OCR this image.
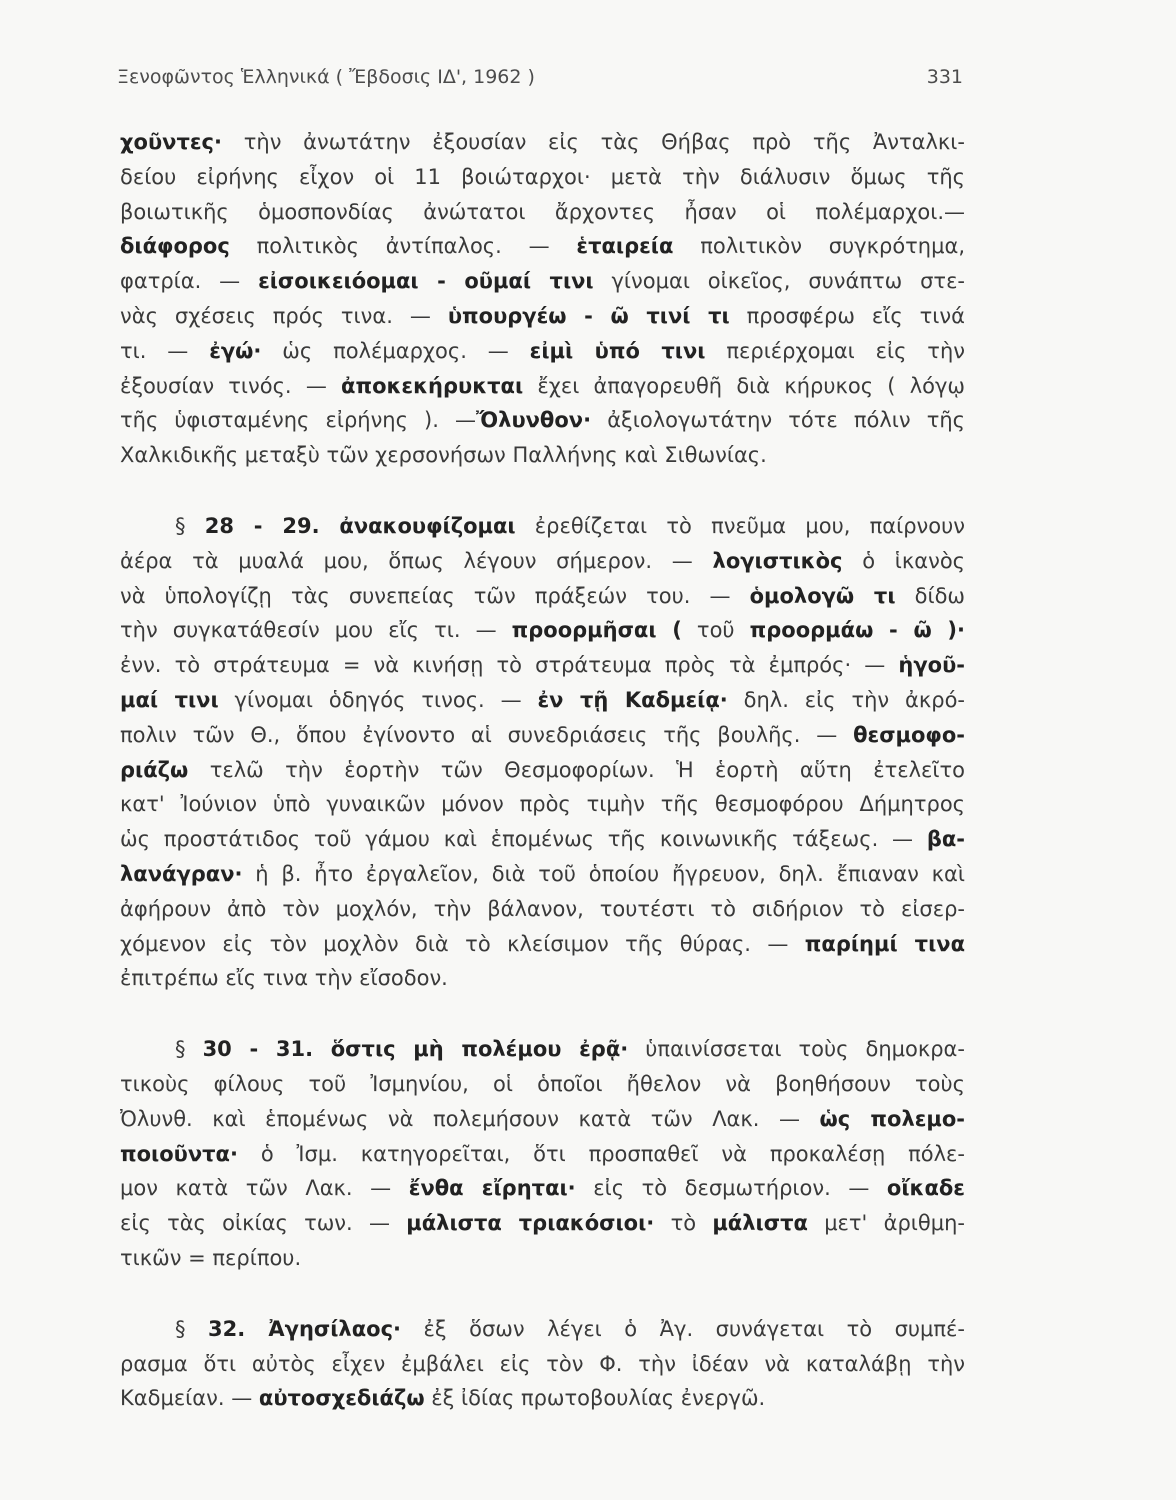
Ξενοφῶντος Ἑλληνικά ( Ἔβδοσις ΙΔ', 1962 )	331
χοῦντες· τὴν ἀνωτάτην ἐξουσίαν εἰς τὰς Θήβας πρὸ τῆς Ἀνταλκι-
δείου εἰρήνης εἶχον οἱ 11 βοιώταρχοι· μετὰ τὴν διάλυσιν ὅμως τῆς
βοιωτικῆς ὁμοσπονδίας ἀνώτατοι ἄρχοντες ἦσαν οἱ πολέμαρχοι.—
διάφορος πολιτικὸς ἀντίπαλος. — ἑταιρεία πολιτικὸν συγκρότημα,
φατρία. — εἰσοικειόομαι - οῦμαί τινι γίνομαι οἰκεῖος, συνάπτω στε-
νὰς σχέσεις πρός τινα. — ὑπουργέω - ῶ τινί τι προσφέρω εἴς τινά
τι. — ἐγώ· ὡς πολέμαρχος. — εἰμὶ ὑπό τινι περιέρχομαι εἰς τὴν
ἐξουσίαν τινός. — ἀποκεκήρυκται ἔχει ἀπαγορευθῆ διὰ κήρυκος ( λόγῳ
τῆς ὑφισταμένης εἰρήνης ). —Ὄλυνθον· ἀξιολογωτάτην τότε πόλιν τῆς
Χαλκιδικῆς μεταξὺ τῶν χερσονήσων Παλλήνης καὶ Σιθωνίας.
§ 28 - 29. ἀνακουφίζομαι ἐρεθίζεται τὸ πνεῦμα μου, παίρνουν
ἀέρα τὰ μυαλά μου, ὅπως λέγουν σήμερον. — λογιστικὸς ὁ ἱκανὸς
νὰ ὑπολογίζῃ τὰς συνεπείας τῶν πράξεών του. — ὁμολογῶ τι δίδω
τὴν συγκατάθεσίν μου εἴς τι. — προορμῆσαι ( τοῦ προορμάω - ῶ )·
ἐνν. τὸ στράτευμα = νὰ κινήσῃ τὸ στράτευμα πρὸς τὰ ἐμπρός· — ἡγοῦ-
μαί τινι γίνομαι ὁδηγός τινος. — ἐν τῇ Καδμείᾳ· δηλ. εἰς τὴν ἀκρό-
πολιν τῶν Θ., ὅπου ἐγίνοντο αἱ συνεδριάσεις τῆς βουλῆς. — θεσμοφο-
ριάζω τελῶ τὴν ἑορτὴν τῶν Θεσμοφορίων. Ἡ ἑορτὴ αὕτη ἐτελεῖτο
κατ' Ἰούνιον ὑπὸ γυναικῶν μόνον πρὸς τιμὴν τῆς θεσμοφόρου Δήμητρος
ὡς προστάτιδος τοῦ γάμου καὶ ἑπομένως τῆς κοινωνικῆς τάξεως. — βα-
λανάγραν· ἡ β. ἦτο ἐργαλεῖον, διὰ τοῦ ὁποίου ἤγρευον, δηλ. ἔπιαναν καὶ
ἀφήρουν ἀπὸ τὸν μοχλόν, τὴν βάλανον, τουτέστι τὸ σιδήριον τὸ εἰσερ-
χόμενον εἰς τὸν μοχλὸν διὰ τὸ κλείσιμον τῆς θύρας. — παρίημί τινα
ἐπιτρέπω εἴς τινα τὴν εἴσοδον.
§ 30 - 31. ὅστις μὴ πολέμου ἐρᾷ· ὑπαινίσσεται τοὺς δημοκρα-
τικοὺς φίλους τοῦ Ἰσμηνίου, οἱ ὁποῖοι ἤθελον νὰ βοηθήσουν τοὺς
Ὀλυνθ. καὶ ἑπομένως νὰ πολεμήσουν κατὰ τῶν Λακ. — ὡς πολεμο-
ποιοῦντα· ὁ Ἰσμ. κατηγορεῖται, ὅτι προσπαθεῖ νὰ προκαλέσῃ πόλε-
μον κατὰ τῶν Λακ. — ἔνθα εἴρηται· εἰς τὸ δεσμωτήριον. — οἴκαδε
εἰς τὰς οἰκίας των. — μάλιστα τριακόσιοι· τὸ μάλιστα μετ' ἀριθμη-
τικῶν = περίπου.
§ 32. Ἀγησίλαος· ἐξ ὅσων λέγει ὁ Ἀγ. συνάγεται τὸ συμπέ-
ρασμα ὅτι αὐτὸς εἶχεν ἐμβάλει εἰς τὸν Φ. τὴν ἰδέαν νὰ καταλάβῃ τὴν
Καδμείαν. — αὐτοσχεδιάζω ἐξ ἰδίας πρωτοβουλίας ἐνεργῶ.
